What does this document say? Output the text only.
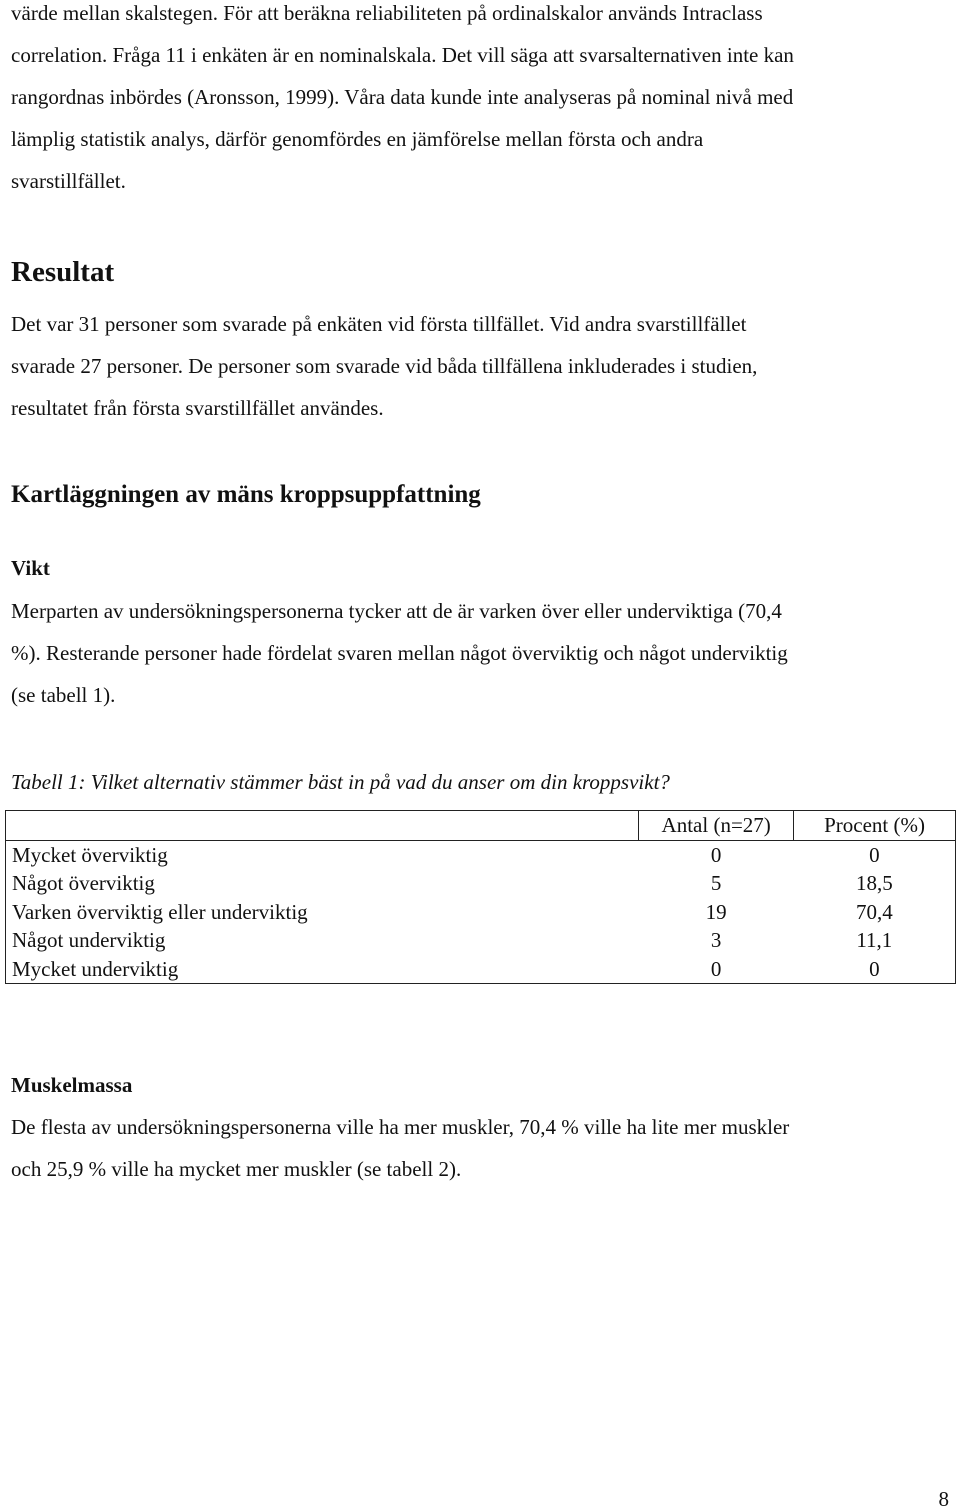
värde mellan skalstegen. För att beräkna reliabiliteten på ordinalskalor används Intraclass

correlation. Fråga 11 i enkäten är en nominalskala. Det vill säga att svarsalternativen inte kan

rangordnas inbördes (Aronsson, 1999). Våra data kunde inte analyseras på nominal nivå med

lämplig statistik analys, därför genomfördes en jämförelse mellan första och andra

svarstillfället.

Resultat

Det var 31 personer som svarade på enkäten vid första tillfället. Vid andra svarstillfället

svarade 27 personer. De personer som svarade vid båda tillfällena inkluderades i studien,

resultatet från första svarstillfället användes.

Kartläggningen av mäns kroppsuppfattning
Vikt

Merparten av undersökningspersonerna tycker att de är varken över eller underviktiga (70,4

%). Resterande personer hade fördelat svaren mellan något överviktig och något underviktig

(se tabell 1).

Tabell 1: Vilket alternativ stämmer bäst in på vad du anser om din kroppsvikt?

	Antal (n=27)	Procent (%)
Mycket överviktig	0	0
Något överviktig	5	18,5
Varken överviktig eller underviktig	19	70,4
Något underviktig	3	11,1
Mycket underviktig	0	0
Muskelmassa

De flesta av undersökningspersonerna ville ha mer muskler, 70,4 % ville ha lite mer muskler

och 25,9 % ville ha mycket mer muskler (se tabell 2).

8
